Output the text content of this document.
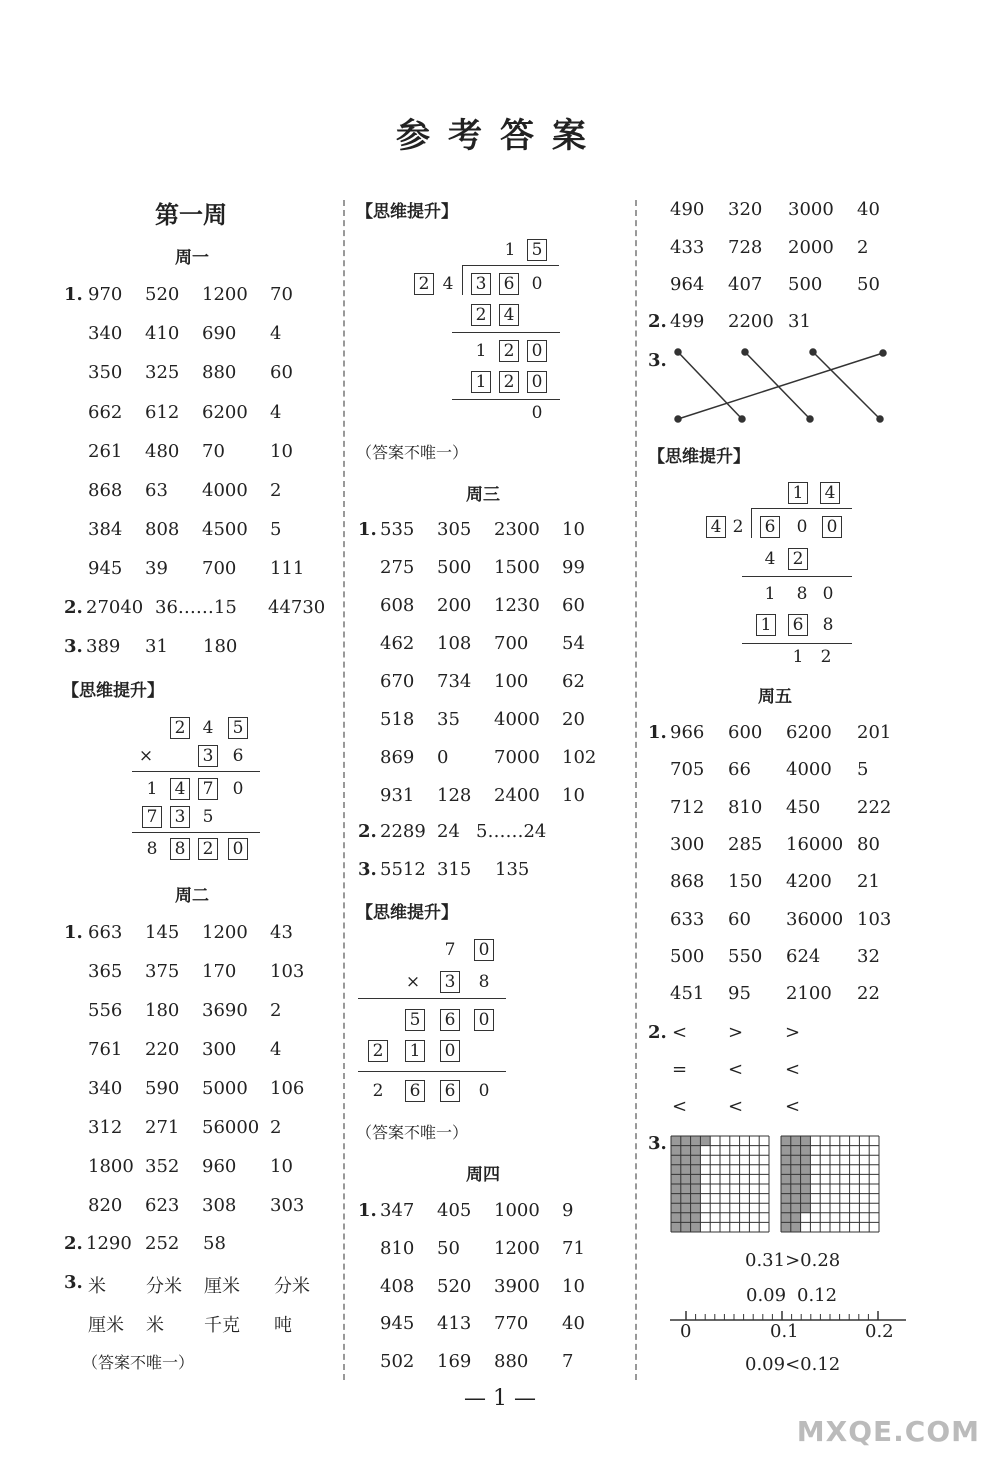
参考答案
第一周
周一
1. 970 520 1200 70
340 410 690 4
350 325 880 60
662 612 6200 4
261 480 70	10
868 63 4000 2
384 808 4500 5
945 39 700 111
2. 27040 36……15 44730
3. 389 31 180
【思维提升】
2 4 5
×	3 6
1 4 7 0
7 3 5
8 8 2 0
周二
1. 663 145 1200 43
365 375 170 103
556 180 3690 2
761 220 300 4
340 590 5000 106
312 271 56000 2
1800 352 960 10
820 623 308 303
2. 1290 252 58
3. 米 分米 厘米 分米
厘米 米 千克 吨
（答案不唯一）
【思维提升】
1 5
2 4 3 6 0
2 4
1 2 0
1 2 0
0
（答案不唯一）
周三
1. 535 305 2300 10
275 500 1500 99
608 200 1230 60
462 108 700 54
670 734 100 62
518 35 4000 20
869 0	7000 102
931 128 2400 10
2. 2289 24 5……24
3. 5512 315 135
【思维提升】
7 0
× 3 8
5 6 0
2 1 0
2 6 6 0
（答案不唯一）
周四
1. 347 405 1000 9
810 50 1200 71
408 520 3900 10
945 413 770 40
502 169 880 7
490 320 3000 40
433 728 2000 2
964 407 500 50
2. 499 2200 31
3.
【思维提升】
1 4
4 2 6 0 0
4 2
1 8 0
1 6 8
1 2
周五
1. 966 600 6200 201
705 66 4000 5
712 810 450 222
300 285 16000 80
868 150 4200 21
633 60 36000 103
500 550 624 32
451 95 2100 22
2. < > >
= < <
< < <
3.
0.31>0.28
0.09 0.12
0	0.1	0.2
0.09<0.12
— 1 —
MXQE.COM
